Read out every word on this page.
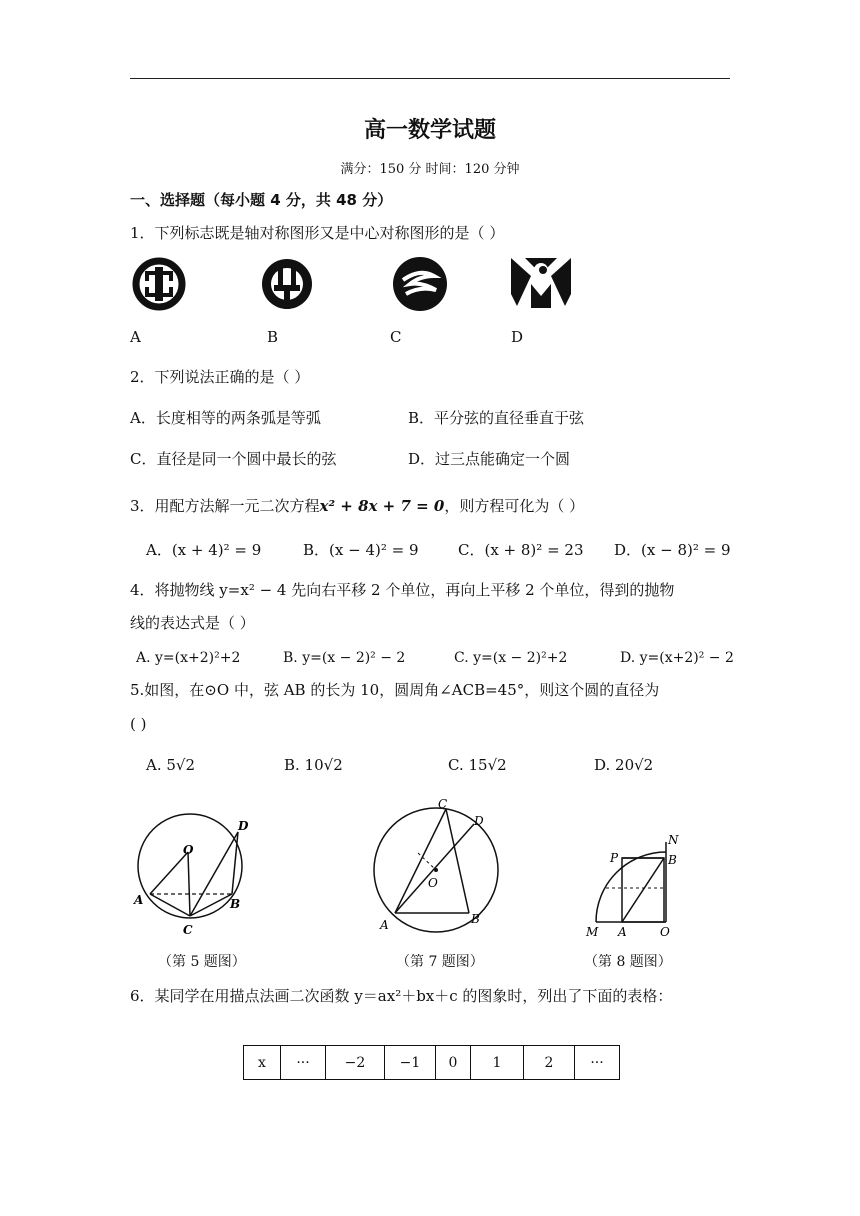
高一数学试题
满分：150 分 时间：120 分钟
一、选择题（每小题 4 分，共 48 分）
1．下列标志既是轴对称图形又是中心对称图形的是（ ）
A	B	C	D
2．下列说法正确的是（ ）
A．长度相等的两条弧是等弧	B．平分弦的直径垂直于弦
C．直径是同一个圆中最长的弦	D．过三点能确定一个圆
3．用配方法解一元二次方程x² + 8x + 7 = 0，则方程可化为（ ）
A．(x + 4)² = 9	B．(x − 4)² = 9	C．(x + 8)² = 23 D．(x − 8)² = 9
4．将抛物线 y=x² − 4 先向右平移 2 个单位，再向上平移 2 个单位，得到的抛物
线的表达式是（ ）
A. y=(x+2)²+2	B. y=(x − 2)² − 2	C. y=(x − 2)²+2	D. y=(x+2)² − 2
5.如图，在⊙O 中，弦 AB 的长为 10，圆周角∠ACB=45°，则这个圆的直径为
( )
A. 5√2	B. 10√2	C. 15√2	D. 20√2
O
A	B
C
D
C
D
O
A	B
N
P	B
M A	O
（第 5 题图）	（第 7 题图）	（第 8 题图）
6．某同学在用描点法画二次函数 y＝ax²＋bx＋c 的图象时，列出了下面的表格：
x	···	−2	−1	0	1	2	···
